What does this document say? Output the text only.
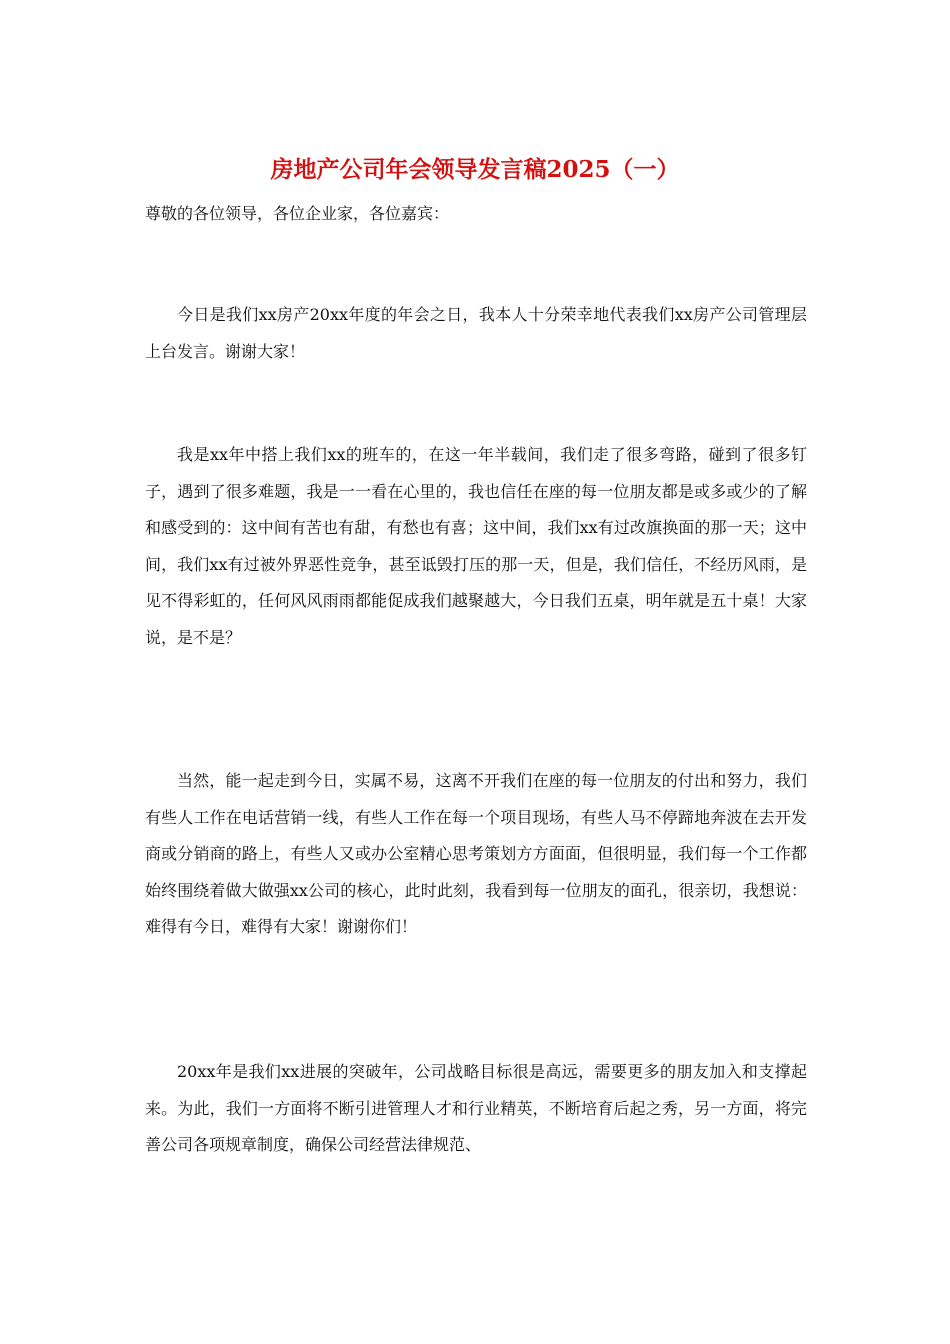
房地产公司年会领导发言稿2025（一）

尊敬的各位领导，各位企业家，各位嘉宾：

今日是我们xx房产20xx年度的年会之日，我本人十分荣幸地代表我们xx房产公司管理层上台发言。谢谢大家！

我是xx年中搭上我们xx的班车的，在这一年半载间，我们走了很多弯路，碰到了很多钉子，遇到了很多难题，我是一一看在心里的，我也信任在座的每一位朋友都是或多或少的了解和感受到的：这中间有苦也有甜，有愁也有喜；这中间，我们xx有过改旗换面的那一天；这中间，我们xx有过被外界恶性竞争，甚至诋毁打压的那一天，但是，我们信任，不经历风雨，是见不得彩虹的，任何风风雨雨都能促成我们越聚越大，今日我们五桌，明年就是五十桌！大家说，是不是？

当然，能一起走到今日，实属不易，这离不开我们在座的每一位朋友的付出和努力，我们有些人工作在电话营销一线，有些人工作在每一个项目现场，有些人马不停蹄地奔波在去开发商或分销商的路上，有些人又或办公室精心思考策划方方面面，但很明显，我们每一个工作都始终围绕着做大做强xx公司的核心，此时此刻，我看到每一位朋友的面孔，很亲切，我想说：难得有今日，难得有大家！谢谢你们！

20xx年是我们xx进展的突破年，公司战略目标很是高远，需要更多的朋友加入和支撑起来。为此，我们一方面将不断引进管理人才和行业精英，不断培育后起之秀，另一方面，将完善公司各项规章制度，确保公司经营法律规范、
